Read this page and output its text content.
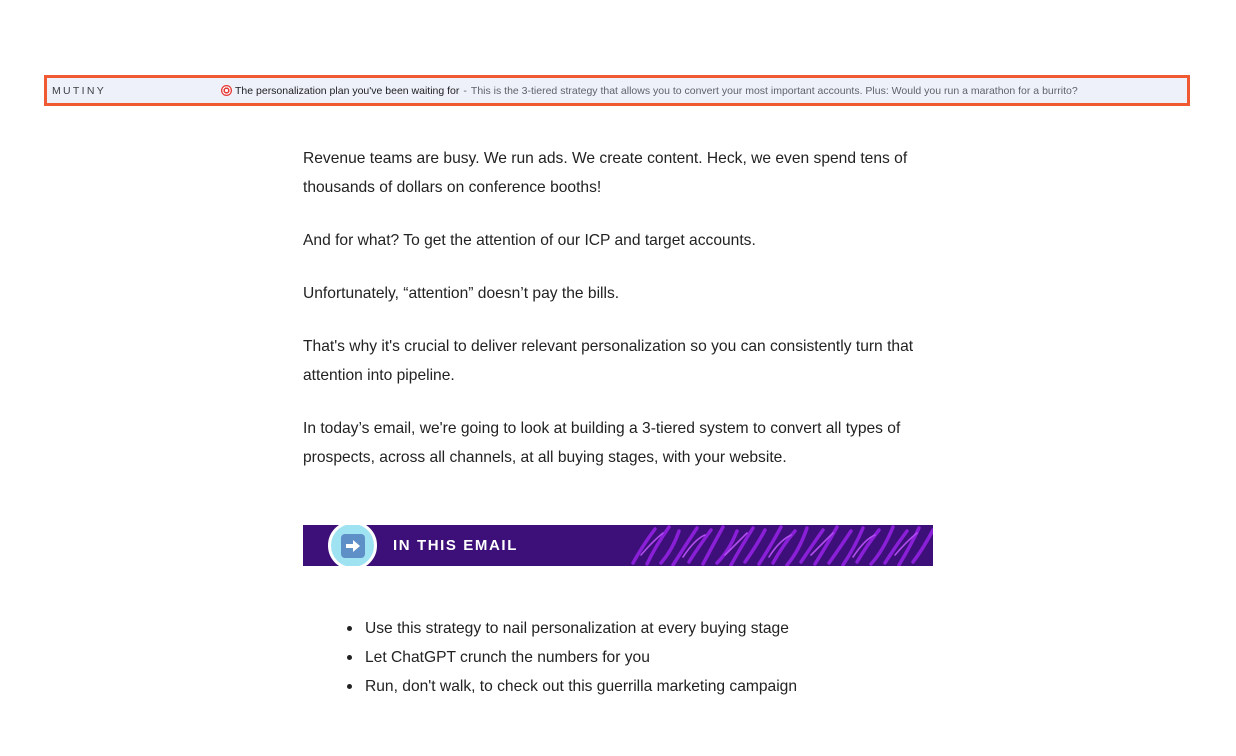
MUTINY	The personalization plan you've been waiting for - This is the 3-tiered strategy that allows you to convert your most important accounts. Plus: Would you run a marathon for a burrito?

Revenue teams are busy. We run ads. We create content. Heck, we even spend tens of thousands of dollars on conference booths!

And for what? To get the attention of our ICP and target accounts.

Unfortunately, “attention” doesn’t pay the bills.

That's why it's crucial to deliver relevant personalization so you can consistently turn that attention into pipeline.

In today’s email, we're going to look at building a 3-tiered system to convert all types of prospects, across all channels, at all buying stages, with your website.

IN THIS EMAIL
Use this strategy to nail personalization at every buying stage
Let ChatGPT crunch the numbers for you
Run, don't walk, to check out this guerrilla marketing campaign
